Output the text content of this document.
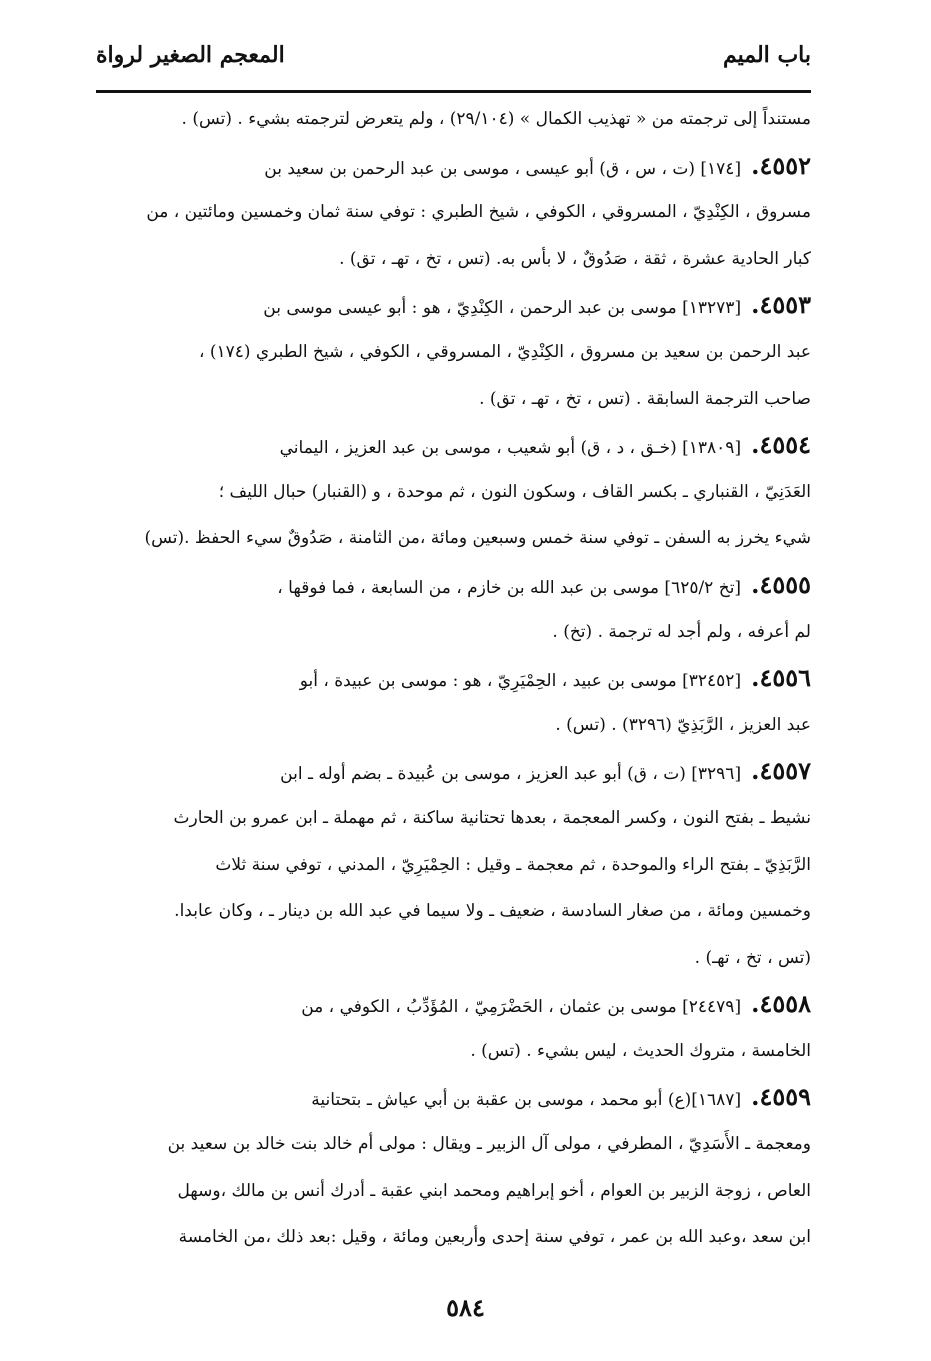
باب الميم
المعجم الصغير لرواة
مستنداً إلى ترجمته من « تهذيب الكمال » (٢٩/١٠٤) ، ولم يتعرض لترجمته بشيء . (تس) .
٤٥٥٢.[١٧٤] (ت ، س ، ق) أبو عيسى ، موسى بن عبد الرحمن بن سعيد بن
مسروق ، الكِنْدِيّ ، المسروقي ، الكوفي ، شيخ الطبري : توفي سنة ثمان وخمسين ومائتين ، من
كبار الحادية عشرة ، ثقة ، صَدُوقٌ ، لا بأس به. (تس ، تخ ، تهـ ، تق) .
٤٥٥٣.[١٣٢٧٣] موسى بن عبد الرحمن ، الكِنْدِيّ ، هو : أبو عيسى موسى بن
عبد الرحمن بن سعيد بن مسروق ، الكِنْدِيّ ، المسروقي ، الكوفي ، شيخ الطبري (١٧٤) ،
صاحب الترجمة السابقة . (تس ، تخ ، تهـ ، تق) .
٤٥٥٤.[١٣٨٠٩] (خـق ، د ، ق) أبو شعيب ، موسى بن عبد العزيز ، اليماني
العَدَنِيّ ، القنباري ـ بكسر القاف ، وسكون النون ، ثم موحدة ، و (القنبار) حبال الليف ؛
شيء يخرز به السفن ـ توفي سنة خمس وسبعين ومائة ،من الثامنة ، صَدُوقٌ سيء الحفظ .(تس)
٤٥٥٥.[تخ ٦٢٥/٢] موسى بن عبد الله بن خازم ، من السابعة ، فما فوقها ،
لم أعرفه ، ولم أجد له ترجمة . (تخ) .
٤٥٥٦.[٣٢٤٥٢] موسى بن عبيد ، الحِمْيَرِيّ ، هو : موسى بن عبيدة ، أبو
عبد العزيز ، الرَّبَذِيّ (٣٢٩٦) . (تس) .
٤٥٥٧.[٣٢٩٦] (ت ، ق) أبو عبد العزيز ، موسى بن عُبيدة ـ بضم أوله ـ ابن
نشيط ـ بفتح النون ، وكسر المعجمة ، بعدها تحتانية ساكنة ، ثم مهملة ـ ابن عمرو بن الحارث
الرَّبَذِيّ ـ بفتح الراء والموحدة ، ثم معجمة ـ وقيل : الحِمْيَرِيّ ، المدني ، توفي سنة ثلاث
وخمسين ومائة ، من صغار السادسة ، ضعيف ـ ولا سيما في عبد الله بن دينار ـ ، وكان عابدا.
(تس ، تخ ، تهـ) .
٤٥٥٨.[٢٤٤٧٩] موسى بن عثمان ، الحَضْرَمِيّ ، المُؤَدِّبُ ، الكوفي ، من
الخامسة ، متروك الحديث ، ليس بشيء . (تس) .
٤٥٥٩.[١٦٨٧](ع) أبو محمد ، موسى بن عقبة بن أبي عياش ـ بتحتانية
ومعجمة ـ الأَسَدِيّ ، المطرفي ، مولى آل الزبير ـ ويقال : مولى أم خالد بنت خالد بن سعيد بن
العاص ، زوجة الزبير بن العوام ، أخو إبراهيم ومحمد ابني عقبة ـ أدرك أنس بن مالك ،وسهل
ابن سعد ،وعبد الله بن عمر ، توفي سنة إحدى وأربعين ومائة ، وقيل :بعد ذلك ،من الخامسة
٥٨٤
